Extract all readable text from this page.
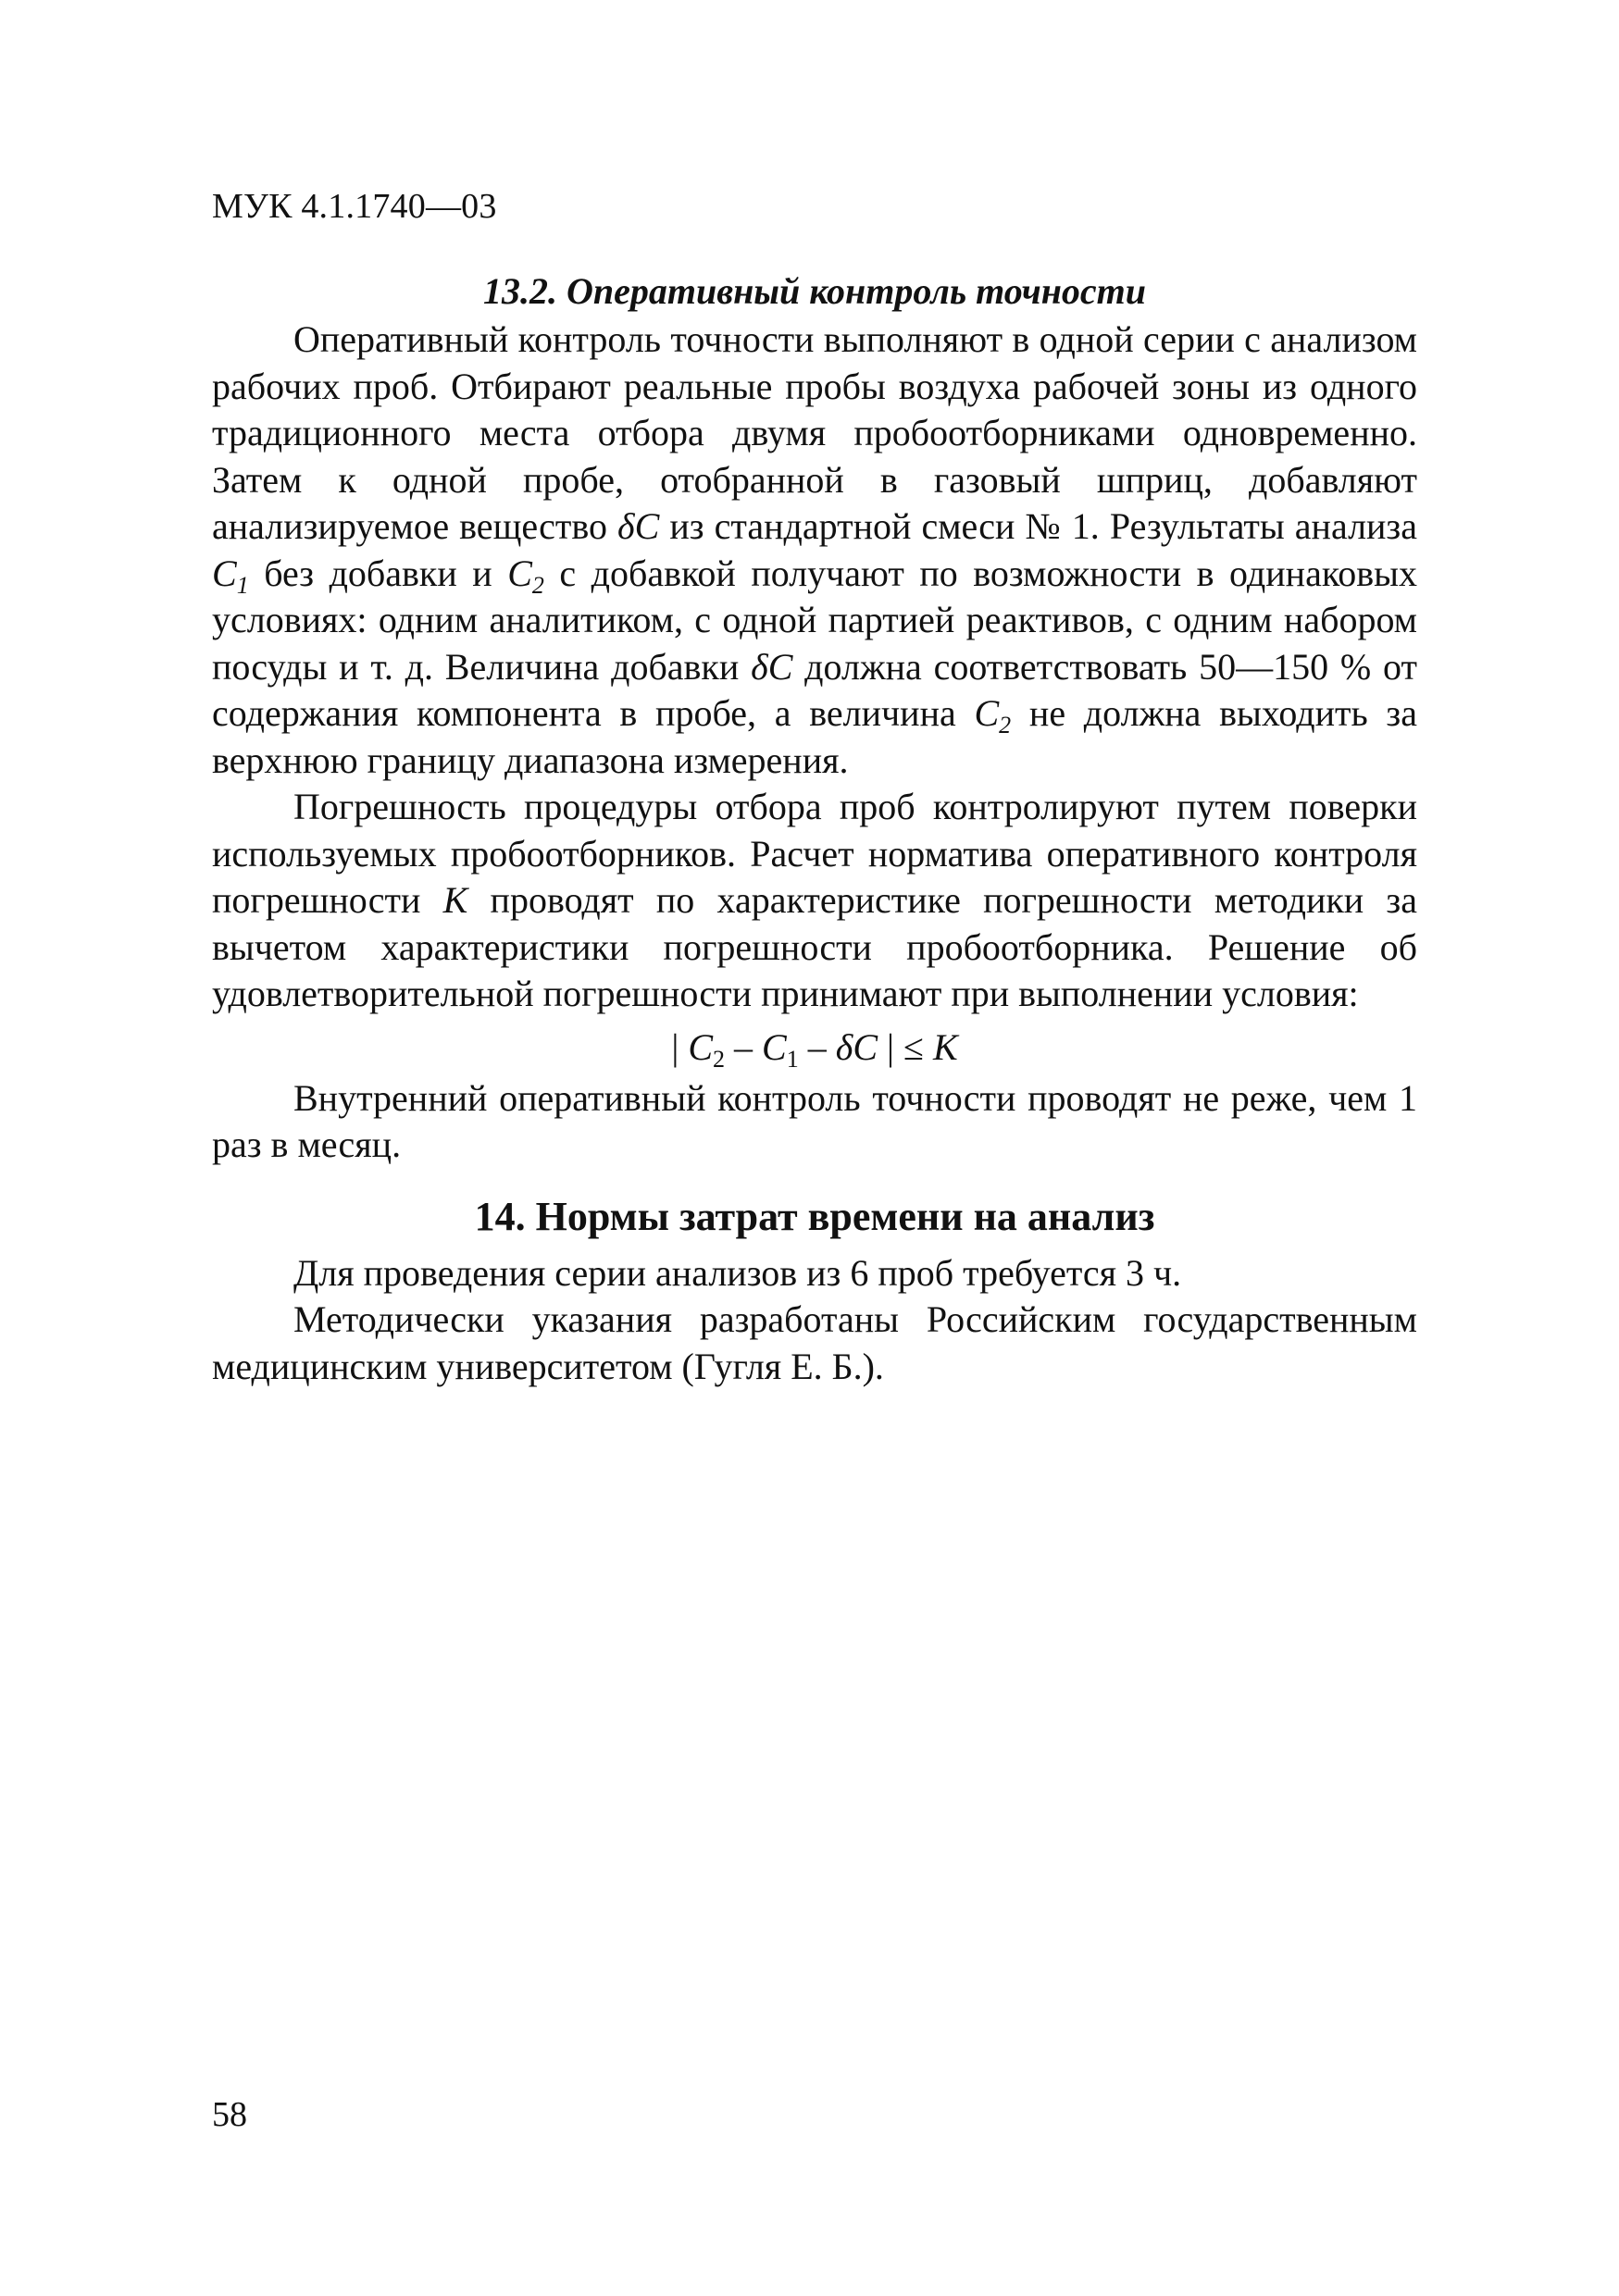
МУК 4.1.1740—03
13.2. Оперативный контроль точности

Оперативный контроль точности выполняют в одной серии с анализом рабочих проб. Отбирают реальные пробы воздуха рабочей зоны из одного традиционного места отбора двумя пробоотборниками одновременно. Затем к одной пробе, отобранной в газовый шприц, добавляют анализируемое вещество δC из стандартной смеси № 1. Результаты анализа $C_1$ без добавки и $C_2$ с добавкой получают по возможности в одинаковых условиях: одним аналитиком, с одной партией реактивов, с одним набором посуды и т. д. Величина добавки δC должна соответствовать 50—150 % от содержания компонента в пробе, а величина $C_2$ не должна выходить за верхнюю границу диапазона измерения.

Погрешность процедуры отбора проб контролируют путем поверки используемых пробоотборников. Расчет норматива оперативного контроля погрешности K проводят по характеристике погрешности методики за вычетом характеристики погрешности пробоотборника. Решение об удовлетворительной погрешности принимают при выполнении условия:

| $C_2 - C_1$ – δC | ≤ K

Внутренний оперативный контроль точности проводят не реже, чем 1 раз в месяц.

14. Нормы затрат времени на анализ

Для проведения серии анализов из 6 проб требуется 3 ч.

Методически указания разработаны Российским государственным медицинским университетом (Гугля Е. Б.).

58
